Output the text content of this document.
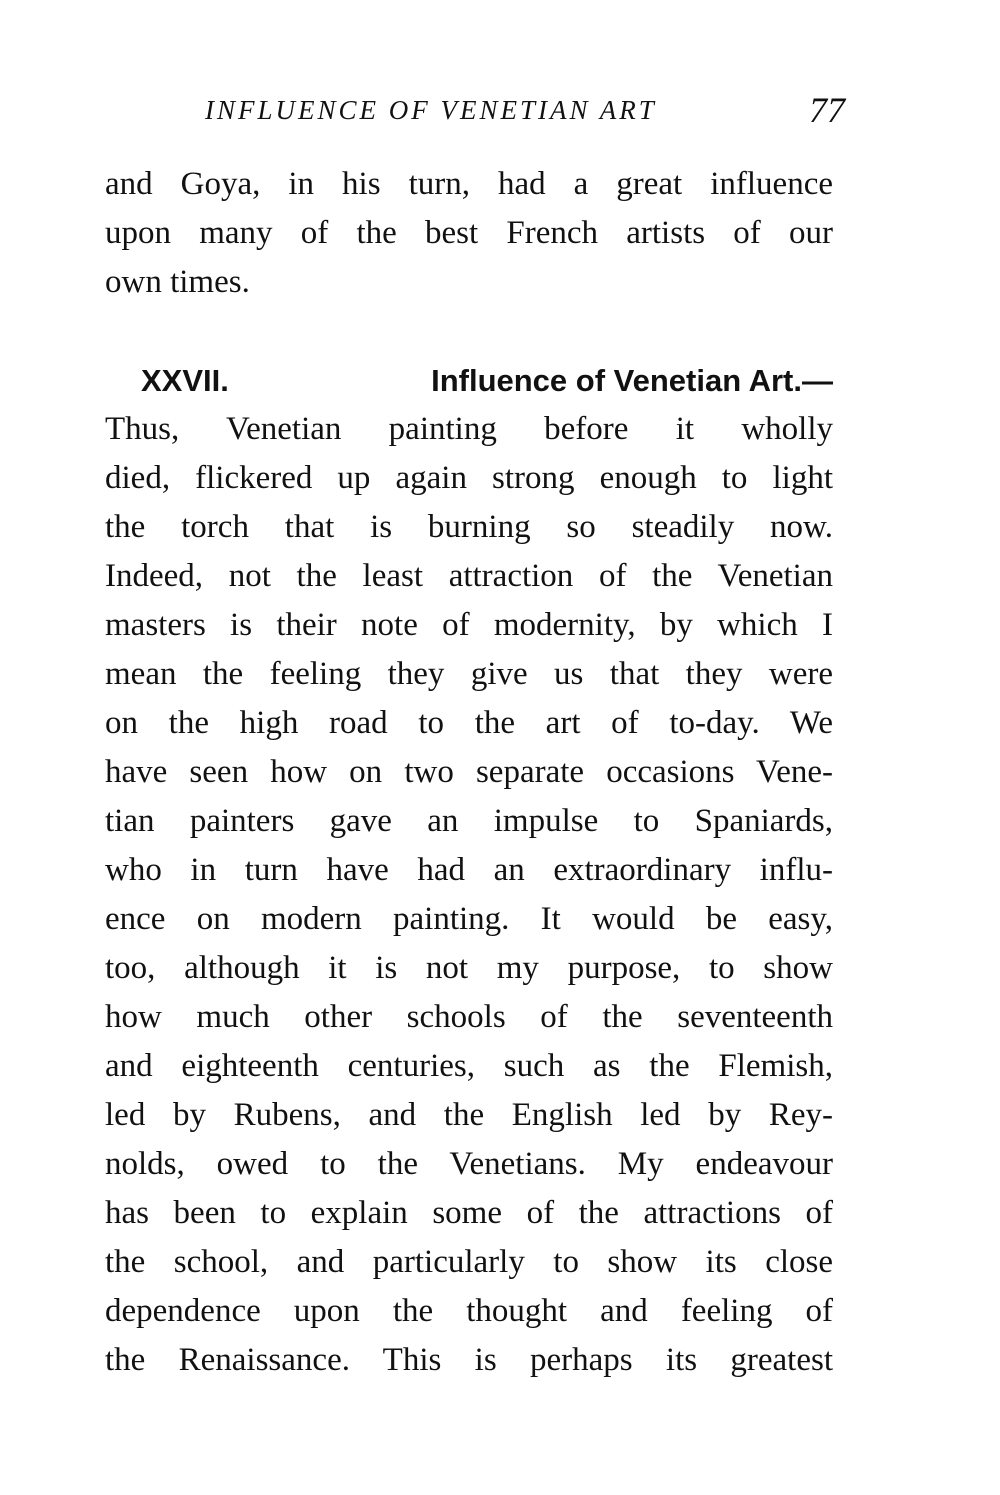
INFLUENCE OF VENETIAN ART	77
and Goya, in his turn, had a great influence
upon many of the best French artists of our
own times.
XXVII.	Influence of Venetian Art.—
Thus, Venetian painting before it wholly
died, flickered up again strong enough to light
the torch that is burning so steadily now.
Indeed, not the least attraction of the Venetian
masters is their note of modernity, by which I
mean the feeling they give us that they were
on the high road to the art of to-day. We
have seen how on two separate occasions Vene-
tian painters gave an impulse to Spaniards,
who in turn have had an extraordinary influ-
ence on modern painting. It would be easy,
too, although it is not my purpose, to show
how much other schools of the seventeenth
and eighteenth centuries, such as the Flemish,
led by Rubens, and the English led by Rey-
nolds, owed to the Venetians. My endeavour
has been to explain some of the attractions of
the school, and particularly to show its close
dependence upon the thought and feeling of
the Renaissance. This is perhaps its greatest
